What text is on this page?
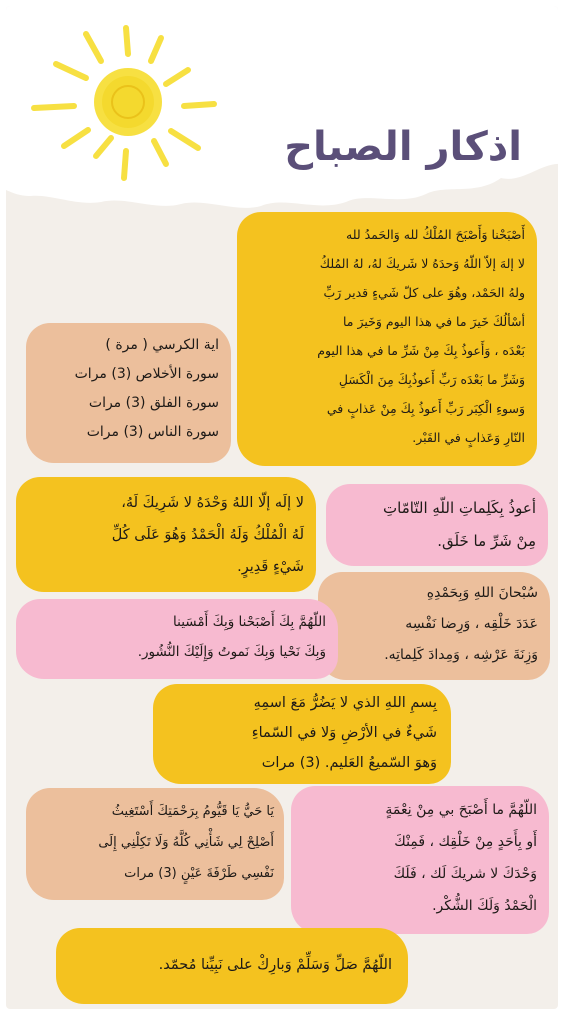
اذكار الصباح

أَصْبَحْنا وَأَصْبَحَ المُلْكُ لله وَالحَمدُ لله

لا إلهَ إلاّ اللّهُ وَحدَهُ لا شَريكَ لهُ، لهُ المُلكُ

ولهُ الحَمْد، وهُوَ على كلّ شَيءٍ قدير رَبِّ

أسْألُكَ خَيرَ ما في هذا اليوم وَخَيرَ ما

بَعْدَه ، وَأَعوذُ بِكَ مِنْ شَرِّ ما في هذا اليوم

وَشَرِّ ما بَعْدَه رَبِّ أَعوذُبِكَ مِنَ الْكَسَلِ

وَسوءِ الْكِبَر رَبِّ أَعوذُ بِكَ مِنْ عَذابٍ في

النّارِ وَعَذابٍ في القَبْر.

اية الكرسي ( مرة )

سورة الأخلاص (3) مرات

سورة الفلق (3) مرات

سورة الناس (3) مرات

لا إلَه إلّا اللهُ وَحْدَهُ لا شَرِيكَ لَهُ،

لَهُ الْمُلْكُ وَلَهُ الْحَمْدُ وَهُوَ عَلَى كُلِّ

شَيْءٍ قَدِيرٍ.

أعوذُ بِكَلِماتِ اللّهِ التّامّاتِ

مِنْ شَرِّ ما خَلَق.

سُبْحانَ اللهِ وَبِحَمْدِهِ

عَدَدَ خَلْقِه ، وَرِضا نَفْسِه

وَزِنَةَ عَرْشِه ، وَمِدادَ كَلِماتِه.

اللّهُمَّ بِكَ أَصْبَحْنا وَبِكَ أَمْسَينا

وَبِكَ نَحْيا وَبِكَ نَموتُ وَإِلَيْكَ النُّشُور.

بِسمِ اللهِ الذي لا يَضُرُّ مَعَ اسمِهِ

شَيءٌ في الأرْضِ وَلا في السّماءِ

وَهوَ السّميعُ العَليم. (3) مرات

يَا حَيُّ يَا قَيُّومُ بِرَحْمَتِكَ أَسْتَغِيثُ

أَصْلِحْ لِي شَأْنِي كُلَّهُ وَلَا تَكِلْنِي إِلَى

نَفْسِي طَرْفَةَ عَيْنٍ (3) مرات

اللّهُمَّ ما أَصْبَحَ بي مِنْ نِعْمَةٍ

أَو بِأَحَدٍ مِنْ خَلْقِك ، فَمِنْكَ

وَحْدَكَ لا شريكَ لَك ، فَلَكَ

الْحَمْدُ وَلَكَ الشُّكْر.

اللّهُمَّ صَلِّ وَسَلِّمْ وَبارِكْ على نَبِيِّنا مُحمّد.
